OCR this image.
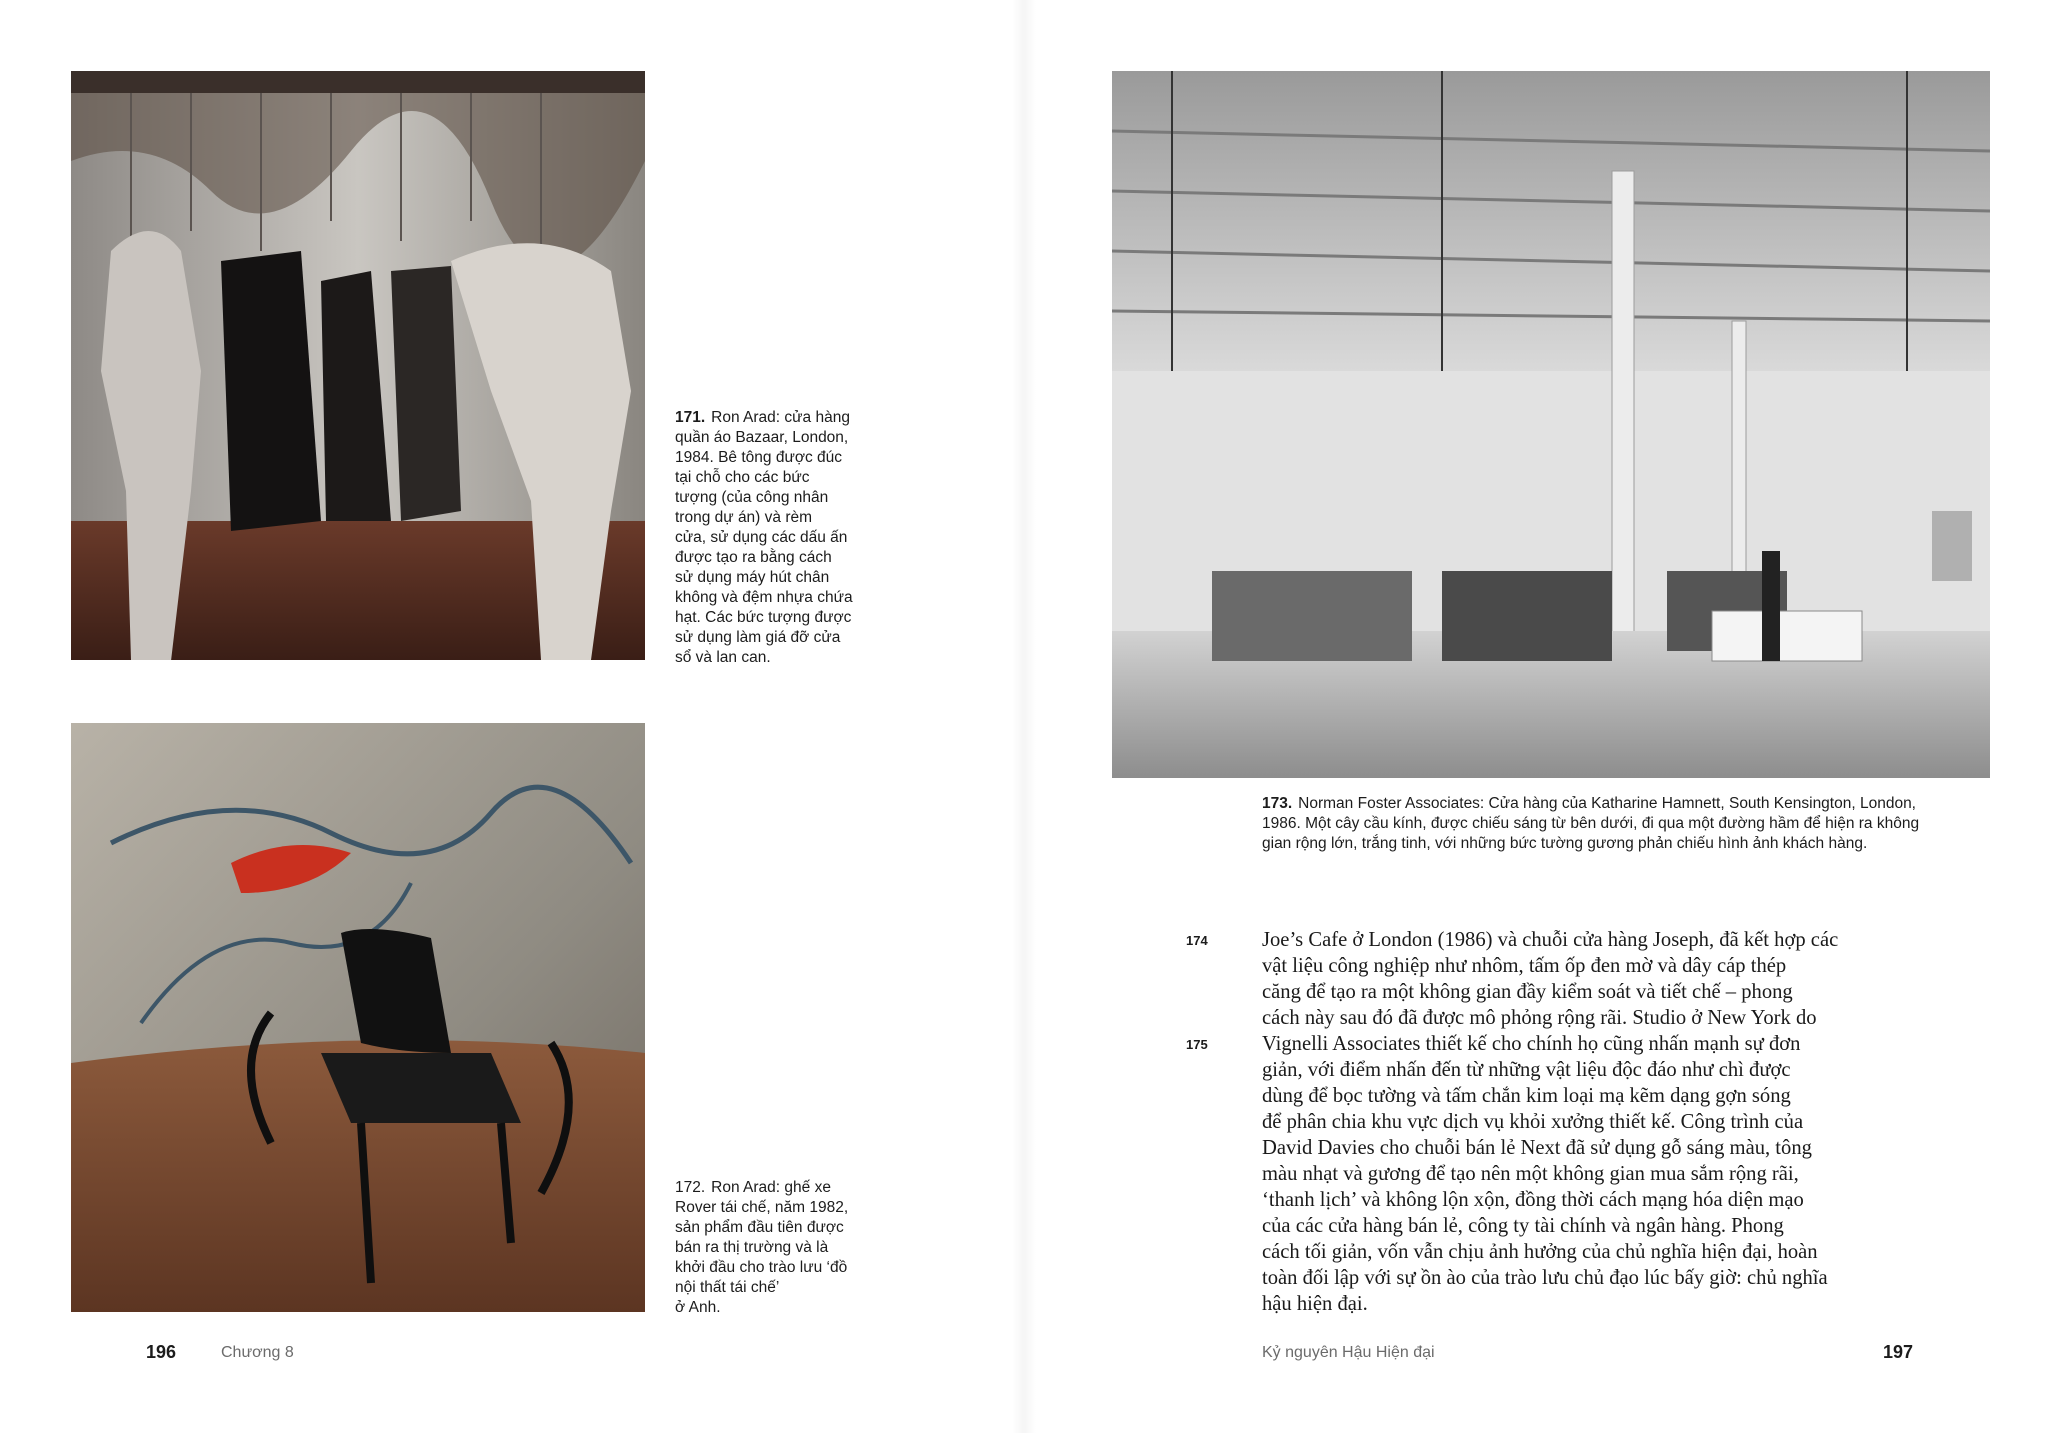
171. Ron Arad: cửa hàng
quần áo Bazaar, London,
1984. Bê tông được đúc
tại chỗ cho các bức
tượng (của công nhân
trong dự án) và rèm
cửa, sử dụng các dấu ấn
được tạo ra bằng cách
sử dụng máy hút chân
không và đệm nhựa chứa
hạt. Các bức tượng được
sử dụng làm giá đỡ cửa
sổ và lan can.
172. Ron Arad: ghế xe
Rover tái chế, năm 1982,
sản phẩm đầu tiên được
bán ra thị trường và là
khởi đầu cho trào lưu ‘đồ
nội thất tái chế’
ở Anh.
173. Norman Foster Associates: Cửa hàng của Katharine Hamnett, South Kensington, London, 1986. Một cây cầu kính, được chiếu sáng từ bên dưới, đi qua một đường hầm để hiện ra không gian rộng lớn, trắng tinh, với những bức tường gương phản chiếu hình ảnh khách hàng.
174
175
Joe’s Cafe ở London (1986) và chuỗi cửa hàng Joseph, đã kết hợp các
vật liệu công nghiệp như nhôm, tấm ốp đen mờ và dây cáp thép
căng để tạo ra một không gian đầy kiểm soát và tiết chế – phong
cách này sau đó đã được mô phỏng rộng rãi. Studio ở New York do
Vignelli Associates thiết kế cho chính họ cũng nhấn mạnh sự đơn
giản, với điểm nhấn đến từ những vật liệu độc đáo như chì được
dùng để bọc tường và tấm chắn kim loại mạ kẽm dạng gợn sóng
để phân chia khu vực dịch vụ khỏi xưởng thiết kế. Công trình của
David Davies cho chuỗi bán lẻ Next đã sử dụng gỗ sáng màu, tông
màu nhạt và gương để tạo nên một không gian mua sắm rộng rãi,
‘thanh lịch’ và không lộn xộn, đồng thời cách mạng hóa diện mạo
của các cửa hàng bán lẻ, công ty tài chính và ngân hàng. Phong
cách tối giản, vốn vẫn chịu ảnh hưởng của chủ nghĩa hiện đại, hoàn
toàn đối lập với sự ồn ào của trào lưu chủ đạo lúc bấy giờ: chủ nghĩa
hậu hiện đại.
196	Chương 8	Kỷ nguyên Hậu Hiện đại	197
